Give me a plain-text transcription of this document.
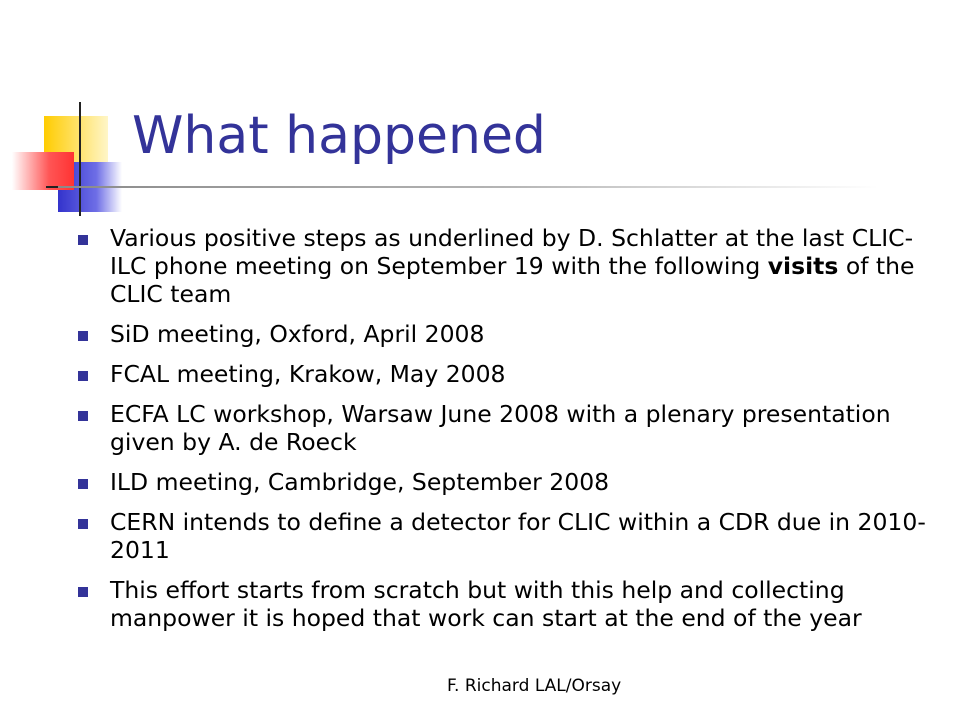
What happened
Various positive steps as underlined by D. Schlatter at the last CLIC-ILC phone meeting on September 19 with the following visits of the CLIC team
SiD meeting, Oxford, April 2008
FCAL meeting, Krakow, May 2008
ECFA LC workshop, Warsaw June 2008 with a plenary presentation given by A. de Roeck
ILD meeting, Cambridge, September 2008
CERN intends to define a detector for CLIC within a CDR due in 2010-2011
This effort starts from scratch but with this help and collecting manpower it is hoped that work can start at the end of the year
F. Richard LAL/Orsay
